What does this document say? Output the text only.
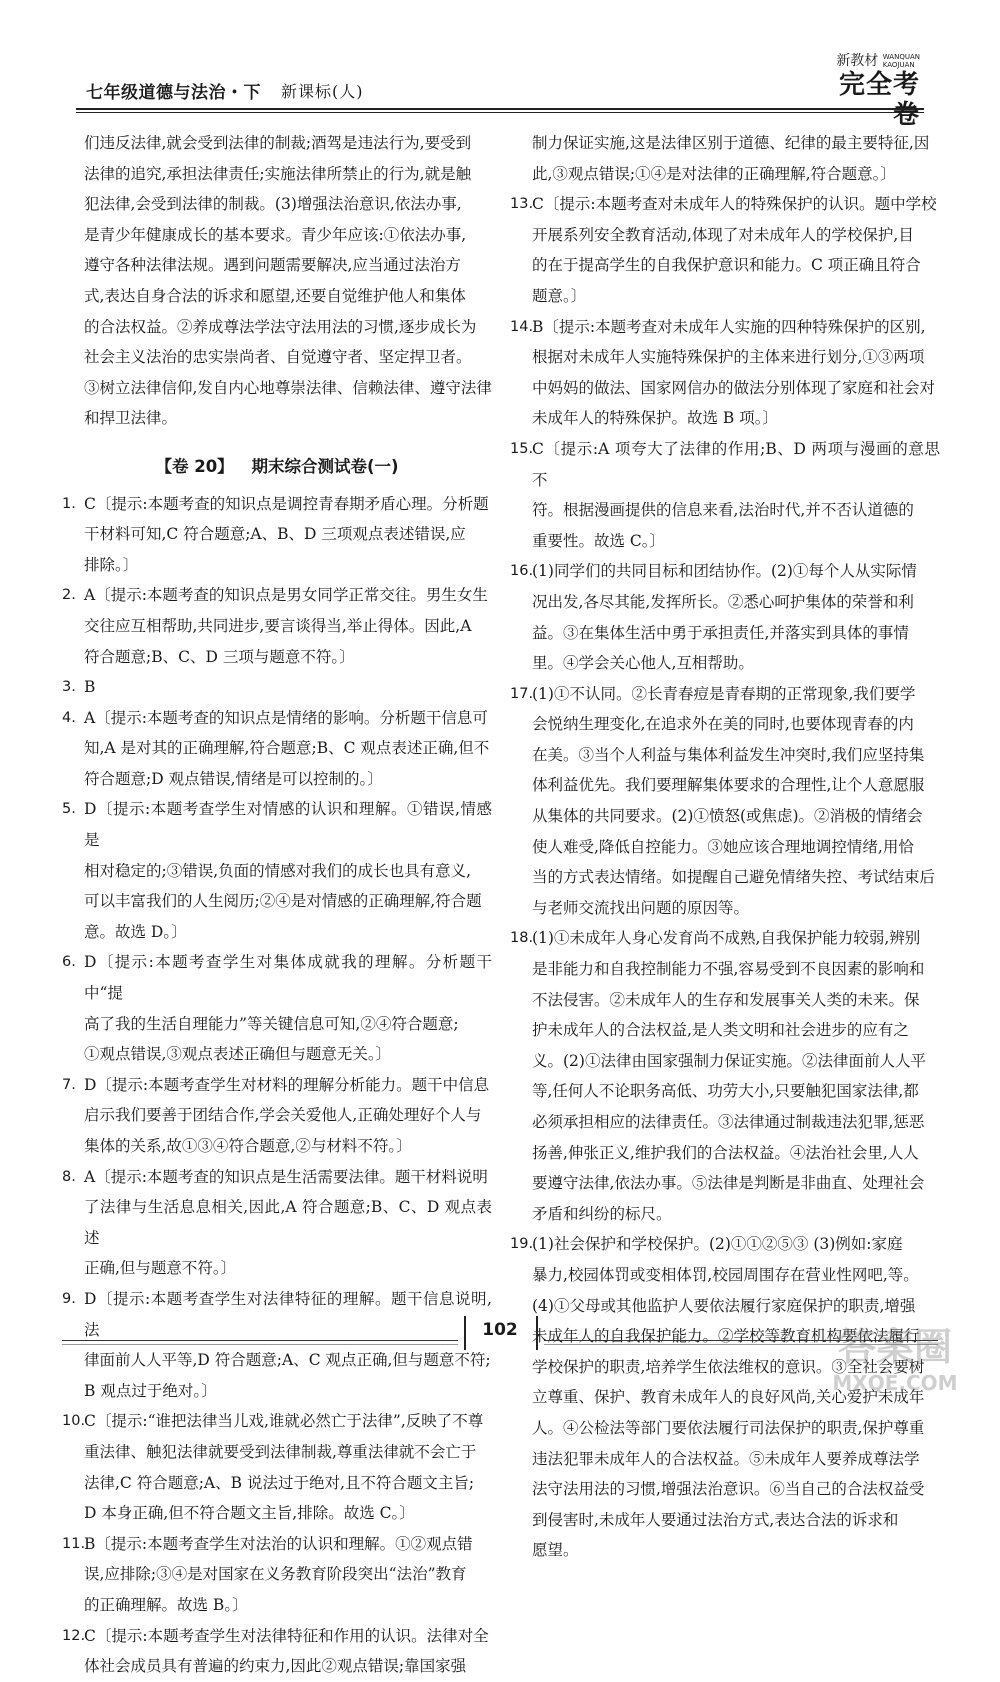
七年级道德与法治・下 新课标(人)
新教材 WANQUAN
KAOJUAN
完全考卷
们违反法律,就会受到法律的制裁;酒驾是违法行为,要受到
法律的追究,承担法律责任;实施法律所禁止的行为,就是触
犯法律,会受到法律的制裁。(3)增强法治意识,依法办事,
是青少年健康成长的基本要求。青少年应该:①依法办事,
遵守各种法律法规。遇到问题需要解决,应当通过法治方
式,表达自身合法的诉求和愿望,还要自觉维护他人和集体
的合法权益。②养成尊法学法守法用法的习惯,逐步成长为
社会主义法治的忠实崇尚者、自觉遵守者、坚定捍卫者。
③树立法律信仰,发自内心地尊崇法律、信赖法律、遵守法律
和捍卫法律。
【卷 20】 期末综合测试卷(一)
1. C〔提示:本题考查的知识点是调控青春期矛盾心理。分析题
干材料可知,C 符合题意;A、B、D 三项观点表述错误,应
排除。〕
2. A〔提示:本题考查的知识点是男女同学正常交往。男生女生
交往应互相帮助,共同进步,要言谈得当,举止得体。因此,A
符合题意;B、C、D 三项与题意不符。〕
3. B
4. A〔提示:本题考查的知识点是情绪的影响。分析题干信息可
知,A 是对其的正确理解,符合题意;B、C 观点表述正确,但不
符合题意;D 观点错误,情绪是可以控制的。〕
5. D〔提示:本题考查学生对情感的认识和理解。①错误,情感是
相对稳定的;③错误,负面的情感对我们的成长也具有意义,
可以丰富我们的人生阅历;②④是对情感的正确理解,符合题
意。故选 D。〕
6. D〔提示:本题考查学生对集体成就我的理解。分析题干中“提
高了我的生活自理能力”等关键信息可知,②④符合题意;
①观点错误,③观点表述正确但与题意无关。〕
7. D〔提示:本题考查学生对材料的理解分析能力。题干中信息
启示我们要善于团结合作,学会关爱他人,正确处理好个人与
集体的关系,故①③④符合题意,②与材料不符。〕
8. A〔提示:本题考查的知识点是生活需要法律。题干材料说明
了法律与生活息息相关,因此,A 符合题意;B、C、D 观点表述
正确,但与题意不符。〕
9. D〔提示:本题考查学生对法律特征的理解。题干信息说明,法
律面前人人平等,D 符合题意;A、C 观点正确,但与题意不符;
B 观点过于绝对。〕
10.
C〔提示:“谁把法律当儿戏,谁就必然亡于法律”,反映了不尊
重法律、触犯法律就要受到法律制裁,尊重法律就不会亡于
法律,C 符合题意;A、B 说法过于绝对,且不符合题文主旨;
D 本身正确,但不符合题文主旨,排除。故选 C。〕
11.
B〔提示:本题考查学生对法治的认识和理解。①②观点错
误,应排除;③④是对国家在义务教育阶段突出“法治”教育
的正确理解。故选 B。〕
12.
C〔提示:本题考查学生对法律特征和作用的认识。法律对全
体社会成员具有普遍的约束力,因此②观点错误;靠国家强
制力保证实施,这是法律区别于道德、纪律的最主要特征,因
此,③观点错误;①④是对法律的正确理解,符合题意。〕
13.
C〔提示:本题考查对未成年人的特殊保护的认识。题中学校
开展系列安全教育活动,体现了对未成年人的学校保护,目
的在于提高学生的自我保护意识和能力。C 项正确且符合
题意。〕
14.
B〔提示:本题考查对未成年人实施的四种特殊保护的区别,
根据对未成年人实施特殊保护的主体来进行划分,①③两项
中妈妈的做法、国家网信办的做法分别体现了家庭和社会对
未成年人的特殊保护。故选 B 项。〕
15.
C〔提示:A 项夸大了法律的作用;B、D 两项与漫画的意思不
符。根据漫画提供的信息来看,法治时代,并不否认道德的
重要性。故选 C。〕
16.
(1)同学们的共同目标和团结协作。(2)①每个人从实际情
况出发,各尽其能,发挥所长。②悉心呵护集体的荣誉和利
益。③在集体生活中勇于承担责任,并落实到具体的事情
里。④学会关心他人,互相帮助。
17.
(1)①不认同。②长青春痘是青春期的正常现象,我们要学
会悦纳生理变化,在追求外在美的同时,也要体现青春的内
在美。③当个人利益与集体利益发生冲突时,我们应坚持集
体利益优先。我们要理解集体要求的合理性,让个人意愿服
从集体的共同要求。(2)①愤怒(或焦虑)。②消极的情绪会
使人难受,降低自控能力。③她应该合理地调控情绪,用恰
当的方式表达情绪。如提醒自己避免情绪失控、考试结束后
与老师交流找出问题的原因等。
18.
(1)①未成年人身心发育尚不成熟,自我保护能力较弱,辨别
是非能力和自我控制能力不强,容易受到不良因素的影响和
不法侵害。②未成年人的生存和发展事关人类的未来。保
护未成年人的合法权益,是人类文明和社会进步的应有之
义。(2)①法律由国家强制力保证实施。②法律面前人人平
等,任何人不论职务高低、功劳大小,只要触犯国家法律,都
必须承担相应的法律责任。③法律通过制裁违法犯罪,惩恶
扬善,伸张正义,维护我们的合法权益。④法治社会里,人人
要遵守法律,依法办事。⑤法律是判断是非曲直、处理社会
矛盾和纠纷的标尺。
19.
(1)社会保护和学校保护。(2)①①②⑤③ (3)例如:家庭
暴力,校园体罚或变相体罚,校园周围存在营业性网吧,等。
(4)①父母或其他监护人要依法履行家庭保护的职责,增强
未成年人的自我保护能力。②学校等教育机构要依法履行
学校保护的职责,培养学生依法维权的意识。③全社会要树
立尊重、保护、教育未成年人的良好风尚,关心爱护未成年
人。④公检法等部门要依法履行司法保护的职责,保护尊重
违法犯罪未成年人的合法权益。⑤未成年人要养成尊法学
法守法用法的习惯,增强法治意识。⑥当自己的合法权益受
到侵害时,未成年人要通过法治方式,表达合法的诉求和
愿望。
102	答案圈
MXQE.COM
